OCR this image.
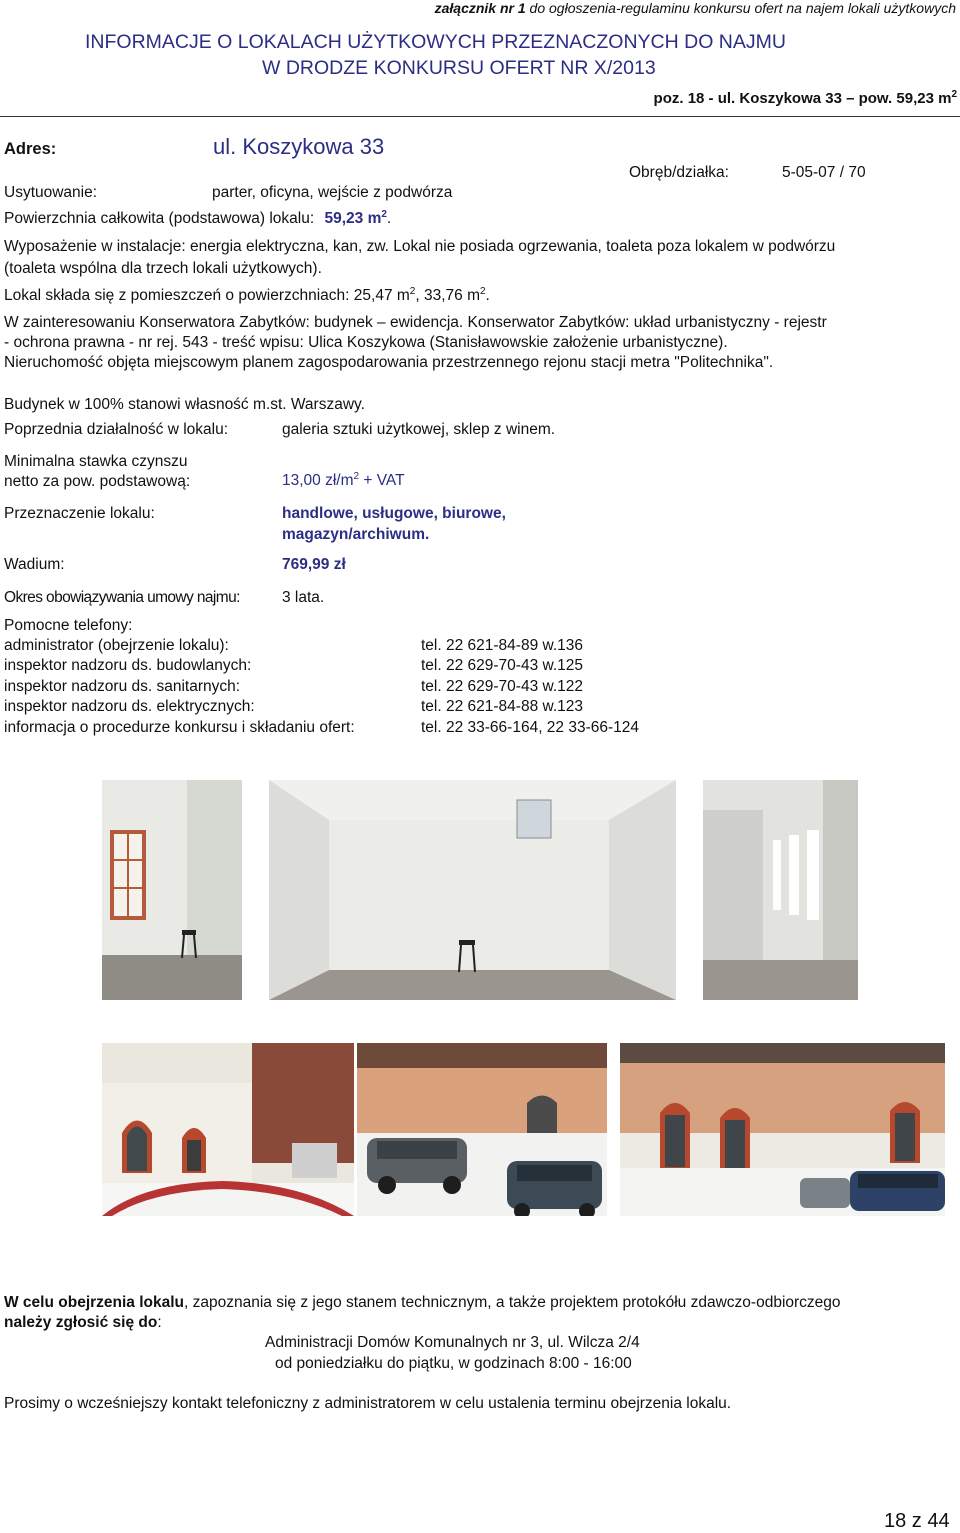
załącznik nr 1 do ogłoszenia-regulaminu konkursu ofert na najem lokali użytkowych
INFORMACJE O LOKALACH UŻYTKOWYCH PRZEZNACZONYCH DO NAJMU
W DRODZE KONKURSU OFERT NR X/2013
poz. 18 - ul. Koszykowa 33 – pow. 59,23 $m^2$
Adres:	ul. Koszykowa 33
Obręb/działka:	5-05-07 / 70
Usytuowanie:	parter, oficyna, wejście z podwórza
Powierzchnia całkowita (podstawowa) lokalu: 59,23 $m^2$.
Wyposażenie w instalacje: energia elektryczna, kan, zw. Lokal nie posiada ogrzewania, toaleta poza lokalem w podwórzu
(toaleta wspólna dla trzech lokali użytkowych).
Lokal składa się z pomieszczeń o powierzchniach: 25,47 $m^2$, 33,76 $m^2$.
W zainteresowaniu Konserwatora Zabytków: budynek – ewidencja. Konserwator Zabytków: układ urbanistyczny - rejestr
- ochrona prawna - nr rej. 543 - treść wpisu: Ulica Koszykowa (Stanisławowskie założenie urbanistyczne).
Nieruchomość objęta miejscowym planem zagospodarowania przestrzennego rejonu stacji metra "Politechnika".
Budynek w 100% stanowi własność m.st. Warszawy.
Poprzednia działalność w lokalu:	galeria sztuki użytkowej, sklep z winem.
Minimalna stawka czynszu
netto za pow. podstawową:	13,00 $zł/m^2$ + VAT
Przeznaczenie lokalu:	handlowe, usługowe, biurowe,
magazyn/archiwum.
Wadium:	769,99 zł
Okres obowiązywania umowy najmu:	3 lata.
Pomocne telefony:
administrator (obejrzenie lokalu):	tel. 22 621-84-89 w.136
inspektor nadzoru ds. budowlanych:	tel. 22 629-70-43 w.125
inspektor nadzoru ds. sanitarnych:	tel. 22 629-70-43 w.122
inspektor nadzoru ds. elektrycznych:	tel. 22 621-84-88 w.123
informacja o procedurze konkursu i składaniu ofert:	tel. 22 33-66-164, 22 33-66-124
W celu obejrzenia lokalu, zapoznania się z jego stanem technicznym, a także projektem protokółu zdawczo-odbiorczego
należy zgłosić się do:
Administracji Domów Komunalnych nr 3, ul. Wilcza 2/4
od poniedziałku do piątku, w godzinach 8:00 - 16:00
Prosimy o wcześniejszy kontakt telefoniczny z administratorem w celu ustalenia terminu obejrzenia lokalu.
18 z 44
